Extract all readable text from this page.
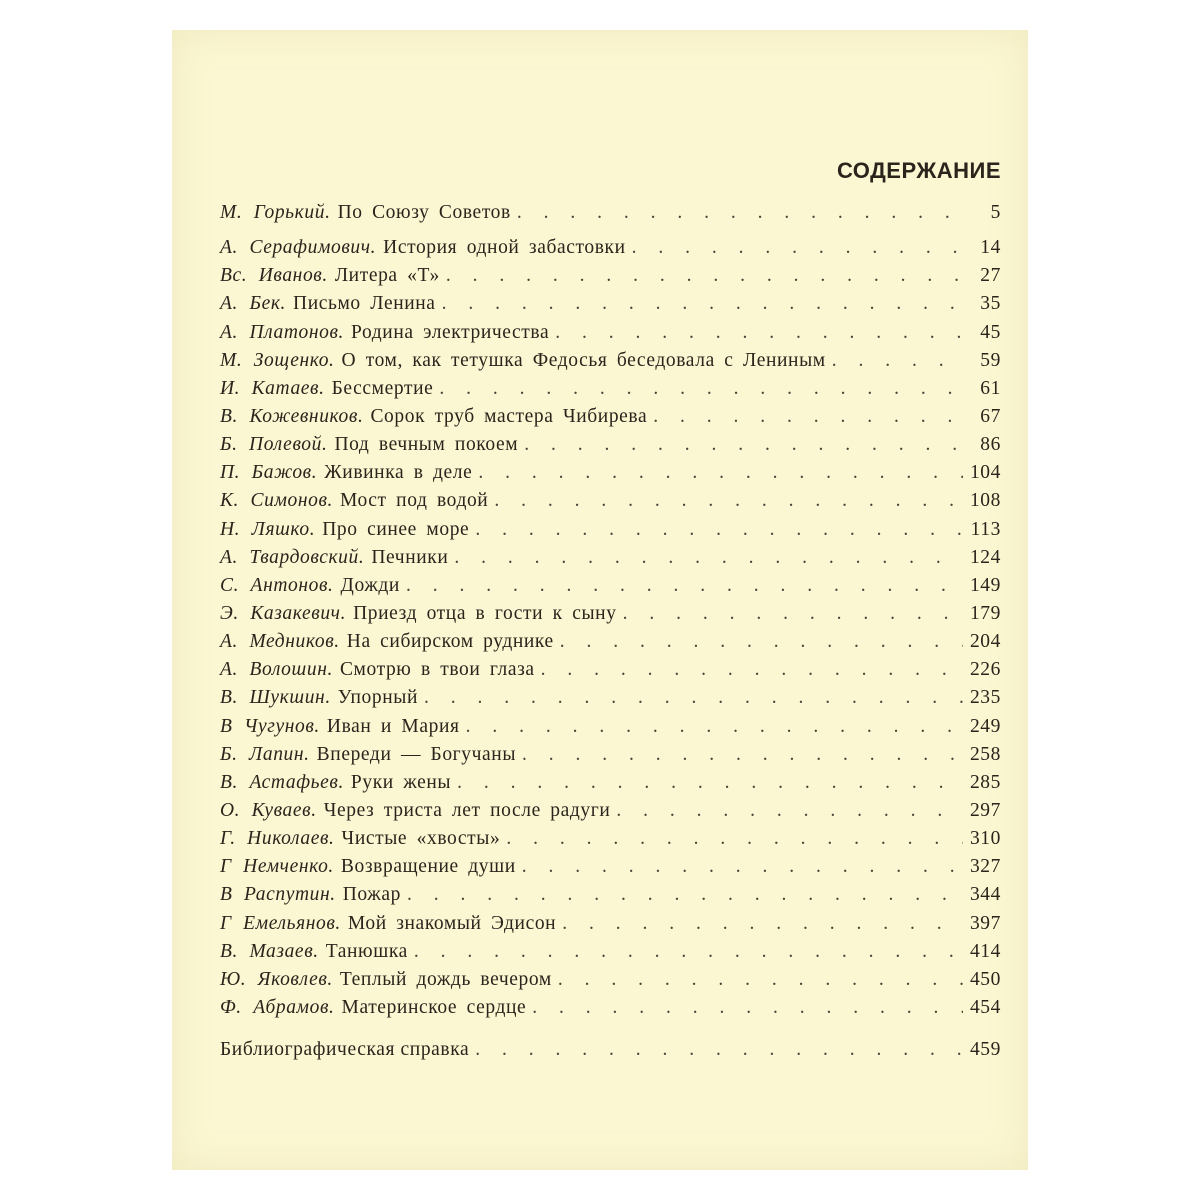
СОДЕРЖАНИЕ
М. Горький. По Союзу Советов . . .	5
А. Серафимович. История одной забастовки . . .	14
Вс. Иванов. Литера «Т» . . .	27
А. Бек. Письмо Ленина . . .	35
А. Платонов. Родина электричества . . .	45
М. Зощенко. О том, как тетушка Федосья беседовала с Лениным . . .	59
И. Катаев. Бессмертие . . .	61
В. Кожевников. Сорок труб мастера Чибирева . . .	67
Б. Полевой. Под вечным покоем . . .	86
П. Бажов. Живинка в деле . . .	104
К. Симонов. Мост под водой . . .	108
Н. Ляшко. Про синее море . . .	113
А. Твардовский. Печники . . .	124
С. Антонов. Дожди . . .	149
Э. Казакевич. Приезд отца в гости к сыну . . .	179
А. Медников. На сибирском руднике . . .	204
А. Волошин. Смотрю в твои глаза . . .	226
В. Шукшин. Упорный . . .	235
В Чугунов. Иван и Мария . . .	249
Б. Лапин. Впереди — Богучаны . . .	258
В. Астафьев. Руки жены . . .	285
О. Куваев. Через триста лет после радуги . . .	297
Г. Николаев. Чистые «хвосты» . . .	310
Г Немченко. Возвращение души . . .	327
В Распутин. Пожар . . .	344
Г Емельянов. Мой знакомый Эдисон . . .	397
В. Мазаев. Танюшка . . .	414
Ю. Яковлев. Теплый дождь вечером . . .	450
Ф. Абрамов. Материнское сердце . . .	454
Библиографическая справка . . .	459
